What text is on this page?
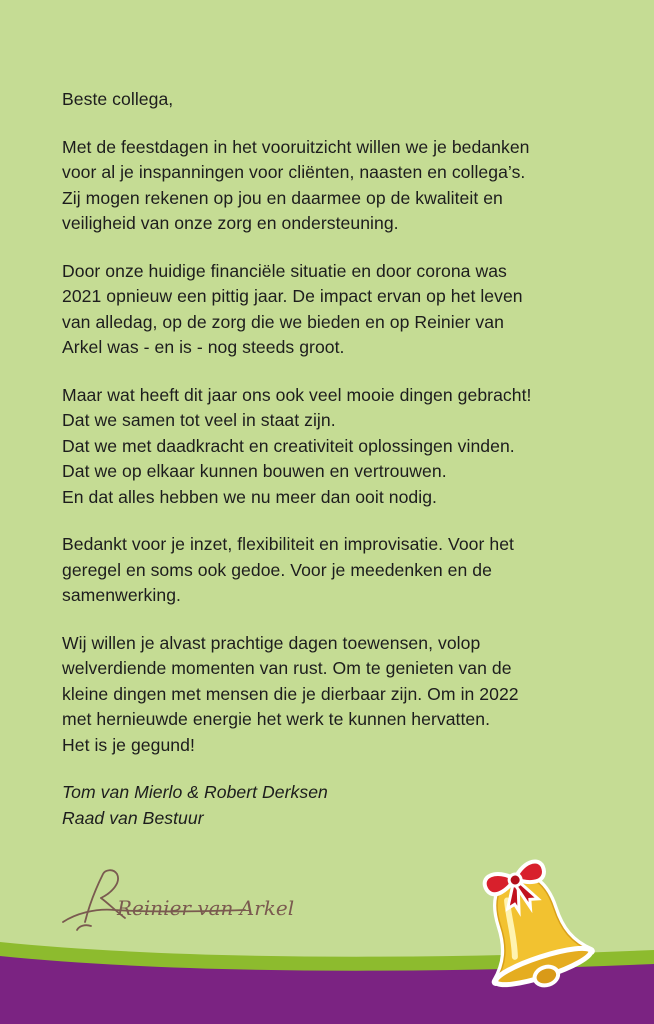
Beste collega,

Met de feestdagen in het vooruitzicht willen we je bedanken
voor al je inspanningen voor cliënten, naasten en collega’s.
Zij mogen rekenen op jou en daarmee op de kwaliteit en
veiligheid van onze zorg en ondersteuning.

Door onze huidige financiële situatie en door corona was
2021 opnieuw een pittig jaar. De impact ervan op het leven
van alledag, op de zorg die we bieden en op Reinier van
Arkel was - en is - nog steeds groot.

Maar wat heeft dit jaar ons ook veel mooie dingen gebracht!
Dat we samen tot veel in staat zijn.
Dat we met daadkracht en creativiteit oplossingen vinden.
Dat we op elkaar kunnen bouwen en vertrouwen.
En dat alles hebben we nu meer dan ooit nodig.

Bedankt voor je inzet, flexibiliteit en improvisatie. Voor het
geregel en soms ook gedoe. Voor je meedenken en de
samenwerking.

Wij willen je alvast prachtige dagen toewensen, volop
welverdiende momenten van rust. Om te genieten van de
kleine dingen met mensen die je dierbaar zijn. Om in 2022
met hernieuwde energie het werk te kunnen hervatten.
Het is je gegund!

Tom van Mierlo & Robert Derksen
Raad van Bestuur

Reinier van Arkel
